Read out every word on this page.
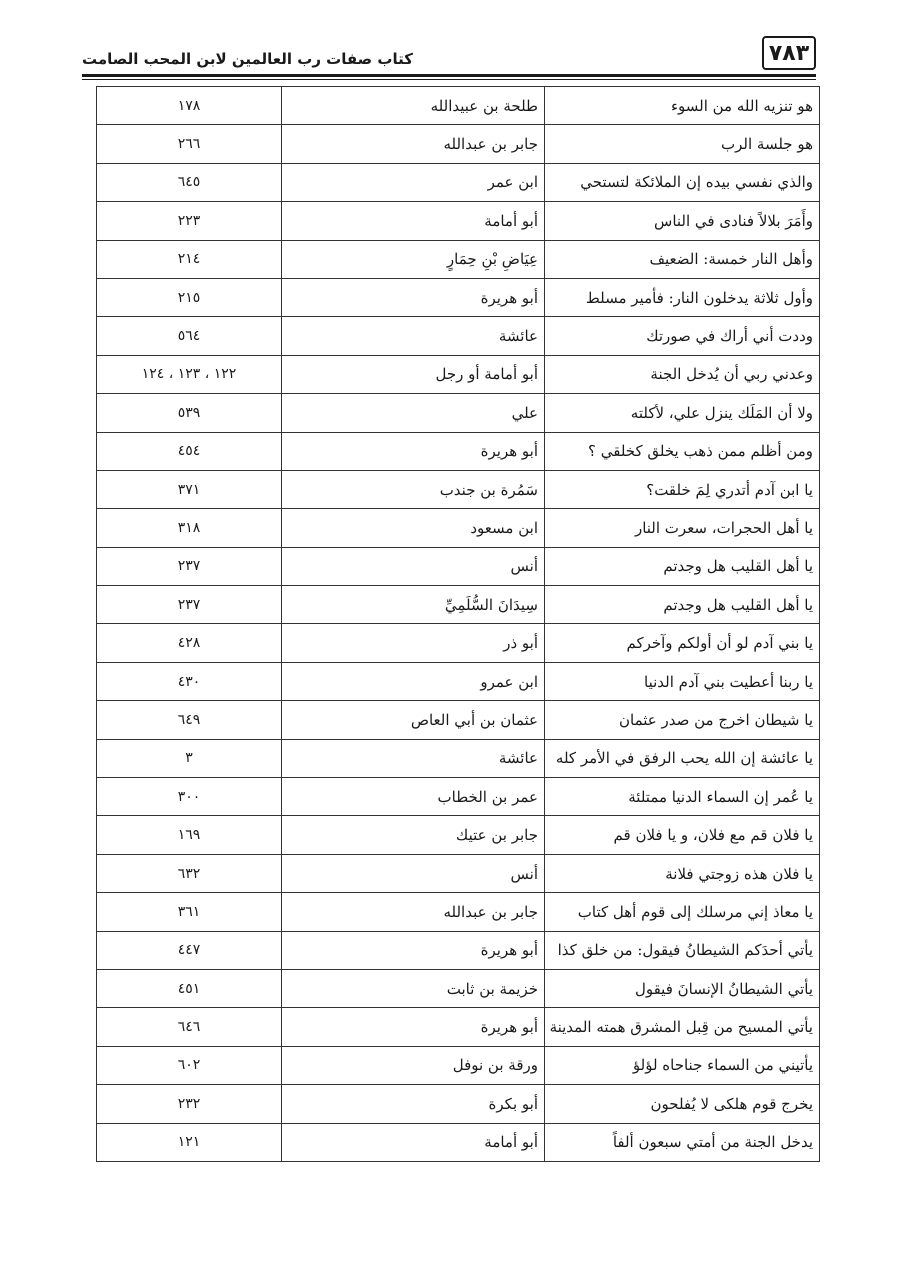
٧٨٣
كتاب صفات رب العالمين لابن المحب الصامت
هو تنزيه الله من السوء	طلحة بن عبيدالله	١٧٨
هو جلسة الرب	جابر بن عبدالله	٢٦٦
والذي نفسي بيده إن الملائكة لتستحي	ابن عمر	٦٤٥
وأَمَرَ بلالاً فنادى في الناس	أبو أمامة	٢٢٣
وأهل النار خمسة: الضعيف	عِيَاضِ بْنِ حِمَارٍ	٢١٤
وأول ثلاثة يدخلون النار: فأمير مسلط	أبو هريرة	٢١٥
وددت أني أراك في صورتك	عائشة	٥٦٤
وعدني ربي أن يُدخل الجنة	أبو أمامة أو رجل	١٢٢ ، ١٢٣ ، ١٢٤
ولا أن المَلَك ينزل علي، لأكلته	علي	٥٣٩
ومن أظلم ممن ذهب يخلق كخلقي ؟	أبو هريرة	٤٥٤
يا ابن آدم أتدري لِمَ خلقت؟	سَمُرة بن جندب	٣٧١
يا أهل الحجرات، سعرت النار	ابن مسعود	٣١٨
يا أهل القليب هل وجدتم	أنس	٢٣٧
يا أهل القليب هل وجدتم	سِيدَانَ السُّلَمِيِّ	٢٣٧
يا بني آدم لو أن أولكم وآخركم	أبو ذر	٤٢٨
يا ربنا أعطيت بني آدم الدنيا	ابن عمرو	٤٣٠
يا شيطان اخرج من صدر عثمان	عثمان بن أبي العاص	٦٤٩
يا عائشة إن الله يحب الرفق في الأمر كله	عائشة	٣
يا عُمر إن السماء الدنيا ممتلئة	عمر بن الخطاب	٣٠٠
يا فلان قم مع فلان، و يا فلان قم	جابر بن عتيك	١٦٩
يا فلان هذه زوجتي فلانة	أنس	٦٣٢
يا معاذ إني مرسلك إلى قوم أهل كتاب	جابر بن عبدالله	٣٦١
يأتي أحدَكم الشيطانُ فيقول: من خلق كذا	أبو هريرة	٤٤٧
يأتي الشيطانُ الإنسانَ فيقول	خزيمة بن ثابت	٤٥١
يأتي المسيح من قِبل المشرق همته المدينة	أبو هريرة	٦٤٦
يأتيني من السماء جناحاه لؤلؤ	ورقة بن نوفل	٦٠٢
يخرج قوم هلكى لا يُفلحون	أبو بكرة	٢٣٢
يدخل الجنة من أمتي سبعون ألفاً	أبو أمامة	١٢١
